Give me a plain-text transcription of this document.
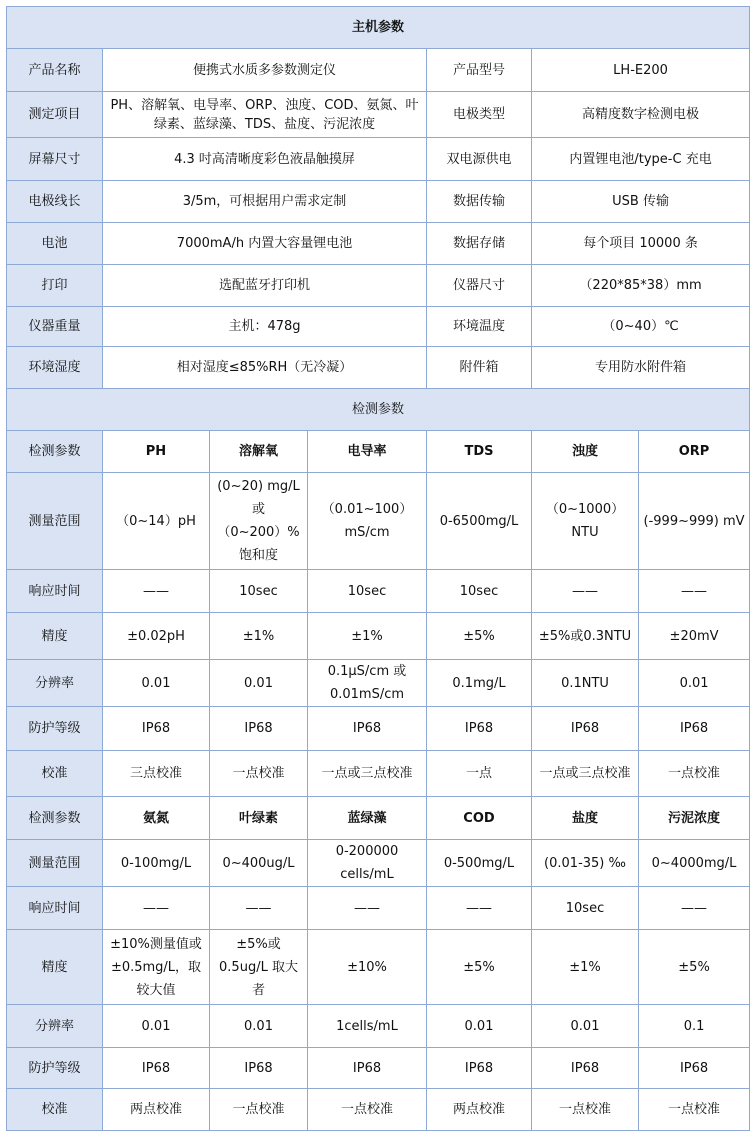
主机参数						
产品名称	便携式水质多参数测定仪			产品型号	LH-E200	
测定项目	PH、溶解氧、电导率、ORP、浊度、COD、氨氮、叶绿素、蓝绿藻、TDS、盐度、污泥浓度			电极类型	高精度数字检测电极	
屏幕尺寸	4.3 吋高清晰度彩色液晶触摸屏			双电源供电	内置锂电池/type-C 充电	
电极线长	3/5m，可根据用户需求定制			数据传输	USB 传输	
电池	7000mA/h 内置大容量锂电池			数据存储	每个项目 10000 条	
打印	选配蓝牙打印机			仪器尺寸	（220*85*38）mm	
仪器重量	主机：478g			环境温度	（0~40）℃	
环境湿度	相对湿度≤85%RH（无冷凝）			附件箱	专用防水附件箱	
检测参数						
检测参数	PH	溶解氧	电导率	TDS	浊度	ORP
测量范围	（0~14）pH	(0~20) mg/L 或（0~200）%饱和度	（0.01~100）mS/cm	0-6500mg/L	（0~1000）NTU	(-999~999) mV
响应时间	——	10sec	10sec	10sec	——	——
精度	±0.02pH	±1%	±1%	±5%	±5%或0.3NTU	±20mV
分辨率	0.01	0.01	0.1μS/cm 或0.01mS/cm	0.1mg/L	0.1NTU	0.01
防护等级	IP68	IP68	IP68	IP68	IP68	IP68
校准	三点校准	一点校准	一点或三点校准	一点	一点或三点校准	一点校准
检测参数	氨氮	叶绿素	蓝绿藻	COD	盐度	污泥浓度
测量范围	0-100mg/L	0~400ug/L	0-200000 cells/mL	0-500mg/L	(0.01-35) ‰	0~4000mg/L
响应时间	——	——	——	——	10sec	——
精度	±10%测量值或±0.5mg/L，取较大值	±5%或0.5ug/L 取大者	±10%	±5%	±1%	±5%
分辨率	0.01	0.01	1cells/mL	0.01	0.01	0.1
防护等级	IP68	IP68	IP68	IP68	IP68	IP68
校准	两点校准	一点校准	一点校准	两点校准	一点校准	一点校准
